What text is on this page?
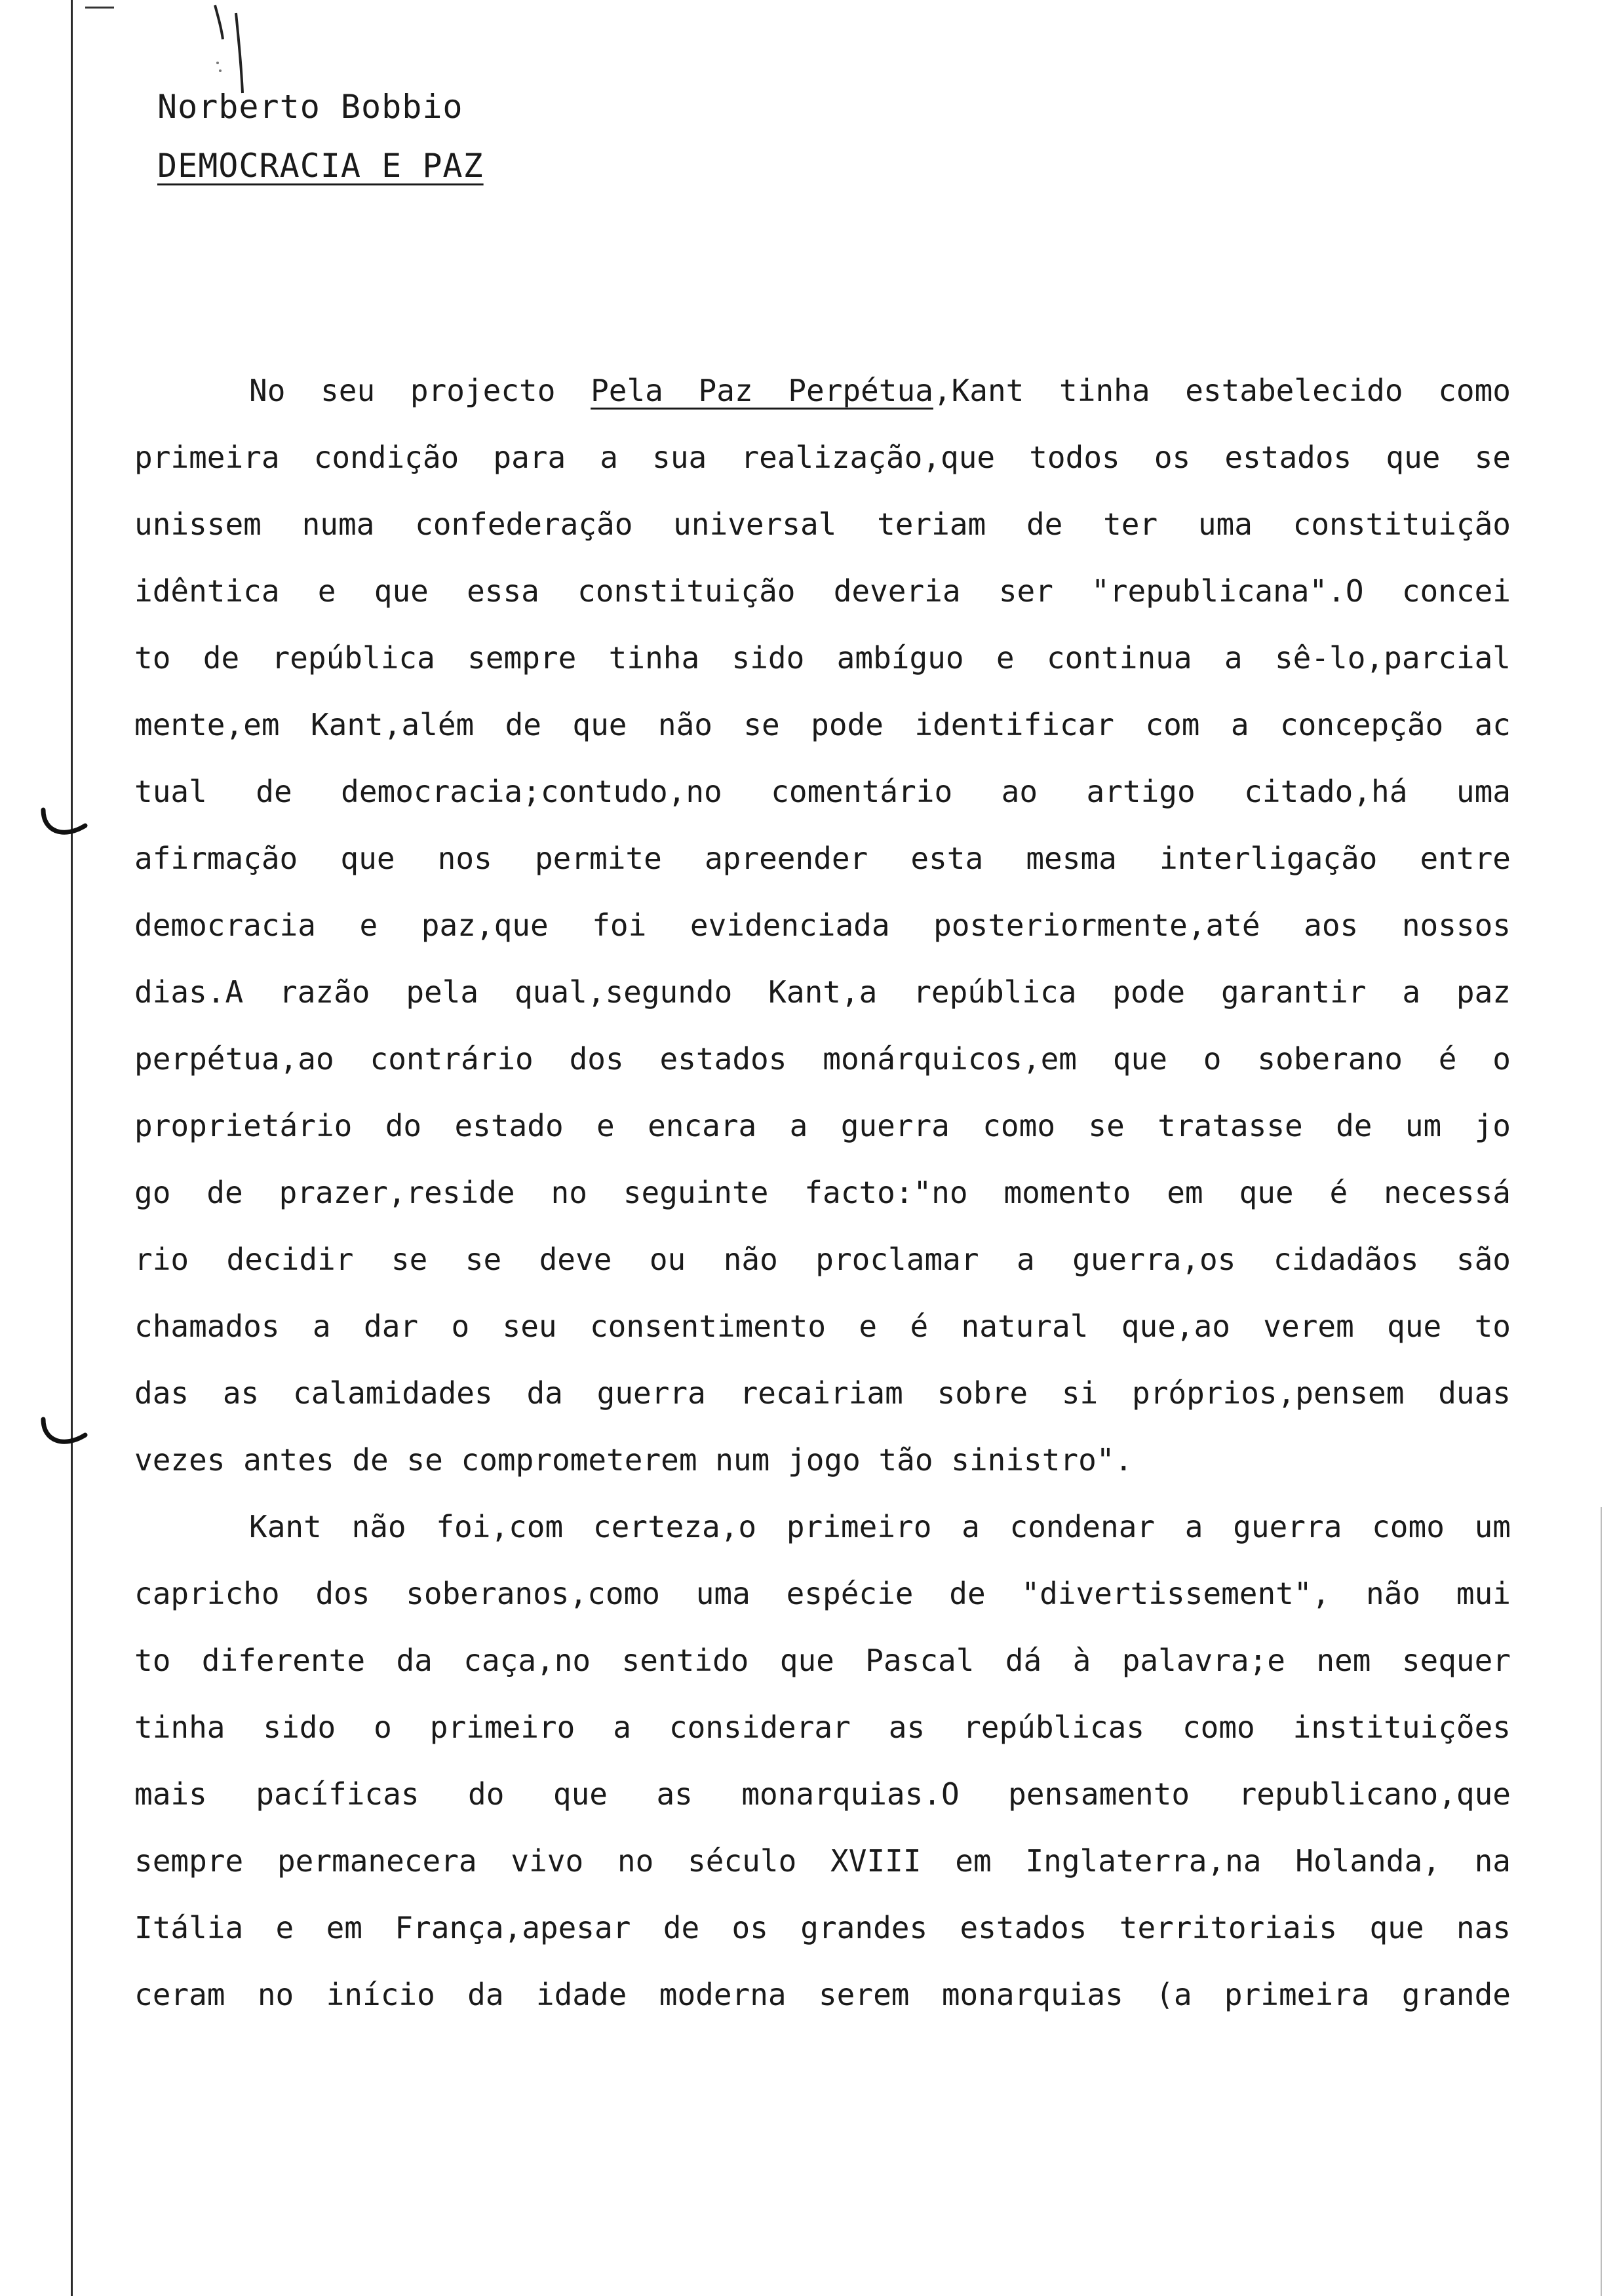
Norberto Bobbio
DEMOCRACIA E PAZ
No seu projecto Pela Paz Perpétua,Kant tinha estabelecido como
primeira condição para a sua realização,que todos os estados que se
unissem numa confederação universal teriam de ter uma constituição
idêntica e que essa constituição deveria ser "republicana".O concei
to de república sempre tinha sido ambíguo e continua a sê-lo,parcial
mente,em Kant,além de que não se pode identificar com a concepção ac
tual de democracia;contudo,no comentário ao artigo citado,há uma
afirmação que nos permite apreender esta mesma interligação entre
democracia e paz,que foi evidenciada posteriormente,até aos nossos
dias.A razão pela qual,segundo Kant,a república pode garantir a paz
perpétua,ao contrário dos estados monárquicos,em que o soberano é o
proprietário do estado e encara a guerra como se tratasse de um jo
go de prazer,reside no seguinte facto:"no momento em que é necessá
rio decidir se se deve ou não proclamar a guerra,os cidadãos são
chamados a dar o seu consentimento e é natural que,ao verem que to
das as calamidades da guerra recairiam sobre si próprios,pensem duas
vezes antes de se comprometerem num jogo tão sinistro".
Kant não foi,com certeza,o primeiro a condenar a guerra como um
capricho dos soberanos,como uma espécie de "divertissement", não mui
to diferente da caça,no sentido que Pascal dá à palavra;e nem sequer
tinha sido o primeiro a considerar as repúblicas como instituições
mais pacíficas do que as monarquias.O pensamento republicano,que
sempre permanecera vivo no século XVIII em Inglaterra,na Holanda, na
Itália e em França,apesar de os grandes estados territoriais que nas
ceram no início da idade moderna serem monarquias (a primeira grande
